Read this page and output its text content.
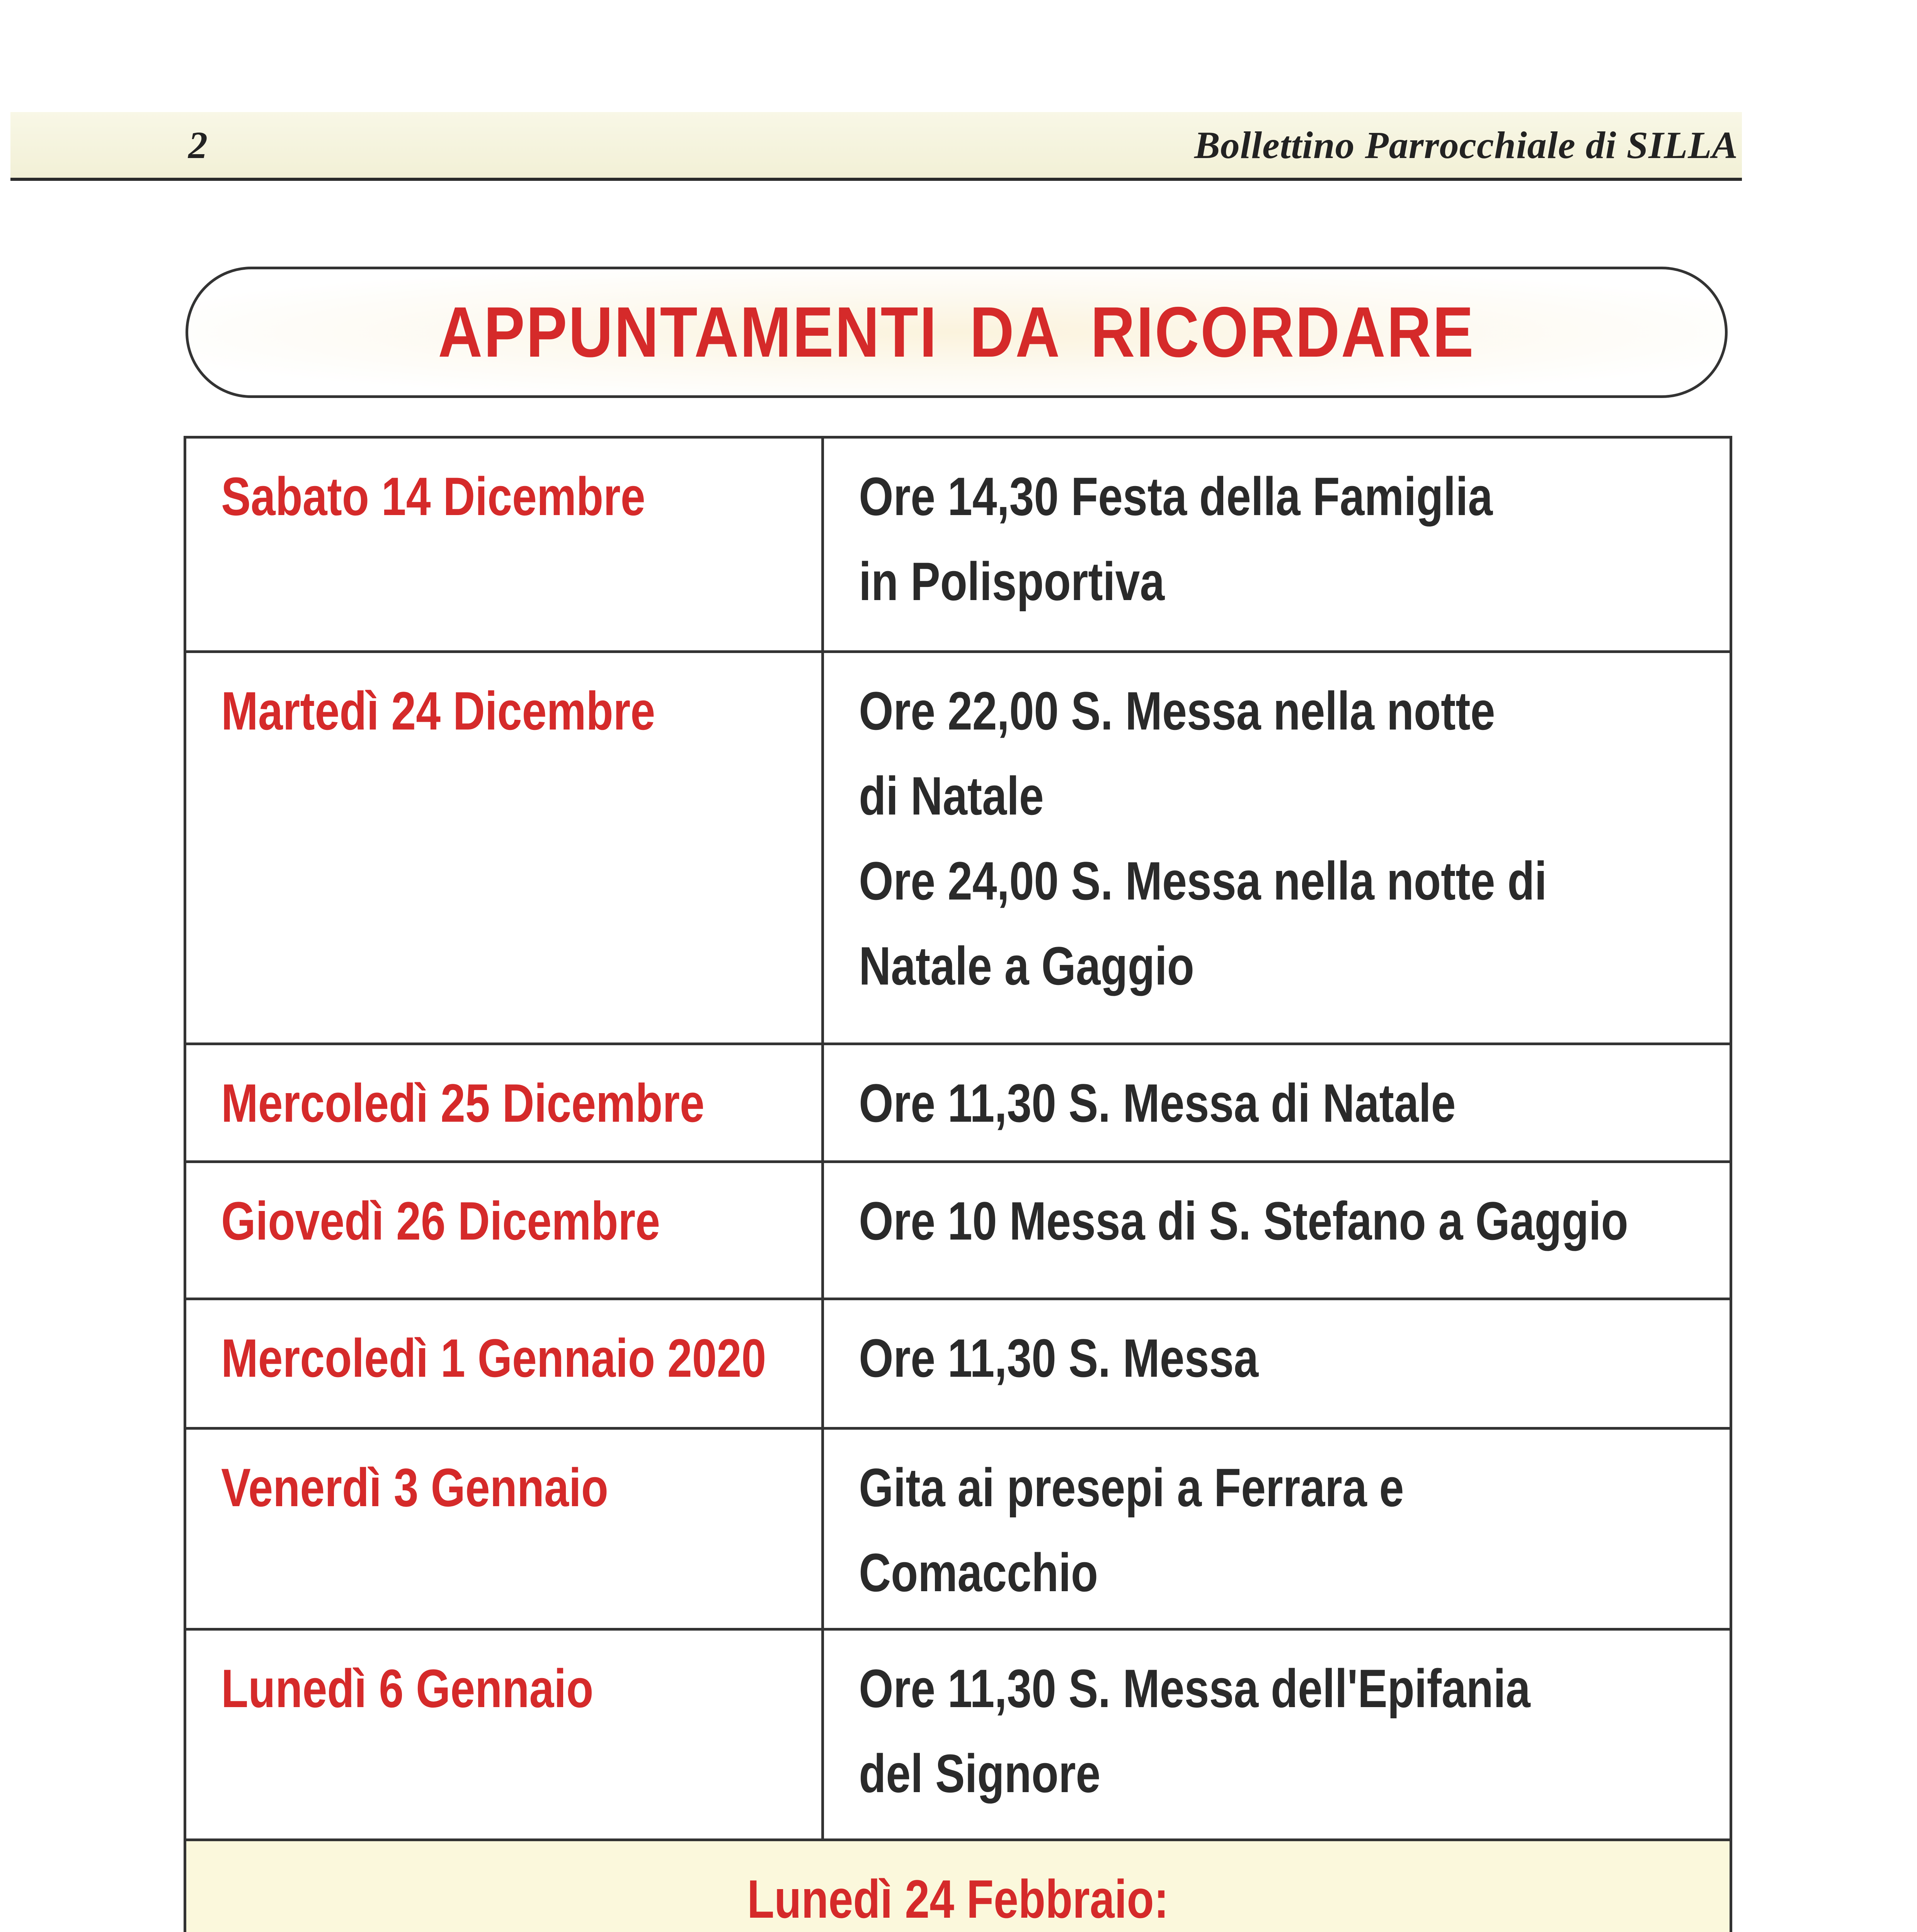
2	Bollettino Parrocchiale di SILLA
APPUNTAMENTI DA RICORDARE
Sabato 14 Dicembre	Ore 14,30 Festa della Famiglia
in Polisportiva

Martedì 24 Dicembre	Ore 22,00 S. Messa nella notte
di Natale
Ore 24,00 S. Messa nella notte di
Natale a Gaggio

Mercoledì 25 Dicembre	Ore 11,30 S. Messa di Natale

Giovedì 26 Dicembre	Ore 10 Messa di S. Stefano a Gaggio

Mercoledì 1 Gennaio 2020	Ore 11,30 S. Messa

Venerdì 3 Gennaio	Gita ai presepi a Ferrara e
Comacchio

Lunedì 6 Gennaio	Ore 11,30 S. Messa dell'Epifania
del Signore

Lunedì 24 Febbraio:	
